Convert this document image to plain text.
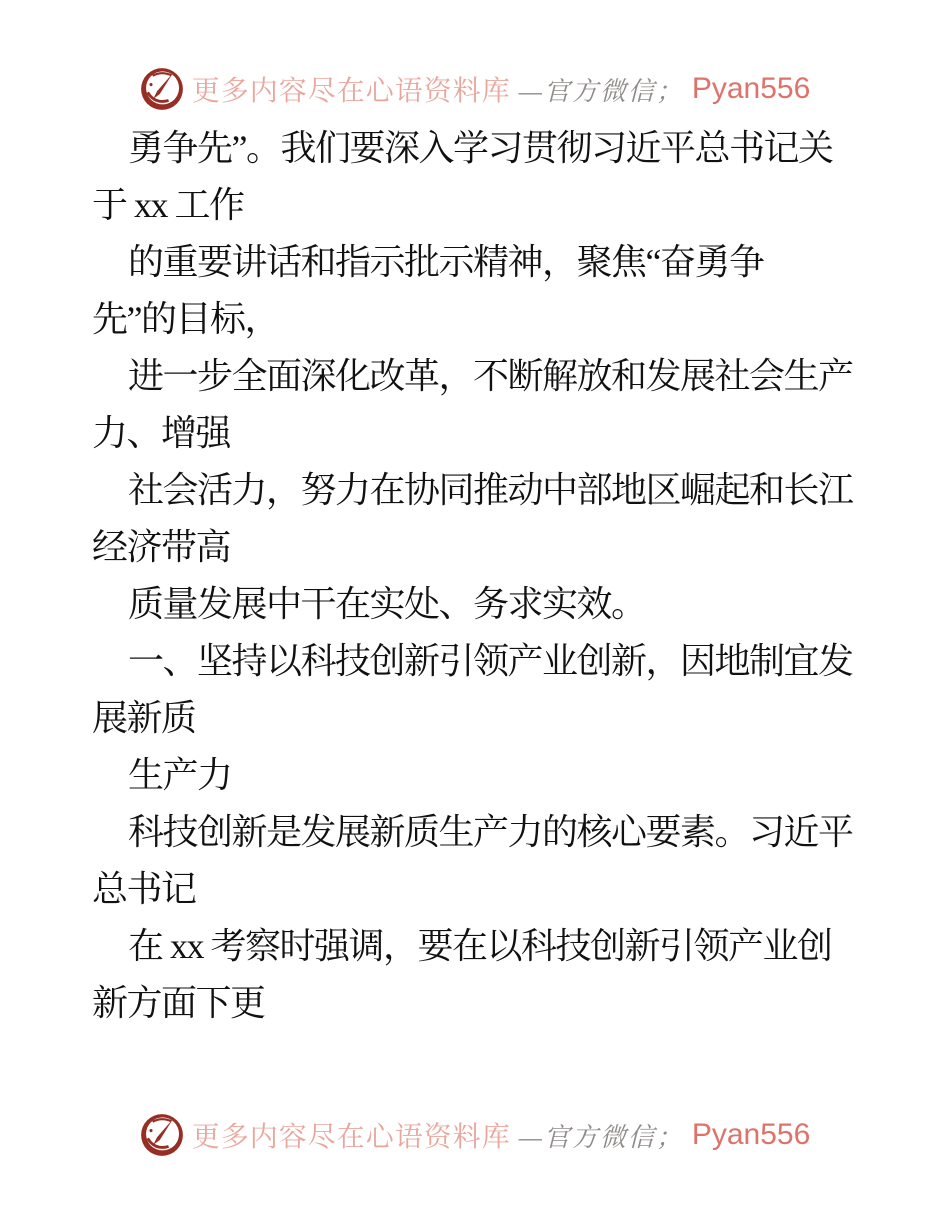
更多内容尽在心语资料库 —官方微信； Pyan556
勇争先”。我们要深入学习贯彻习近平总书记关
于 xx 工作
的重要讲话和指示批示精神，聚焦“奋勇争
先”的目标，
进一步全面深化改革，不断解放和发展社会生产
力、增强
社会活力，努力在协同推动中部地区崛起和长江
经济带高
质量发展中干在实处、务求实效。
一、坚持以科技创新引领产业创新，因地制宜发
展新质
生产力
科技创新是发展新质生产力的核心要素。习近平
总书记
在 xx 考察时强调，要在以科技创新引领产业创
新方面下更
更多内容尽在心语资料库 —官方微信； Pyan556
